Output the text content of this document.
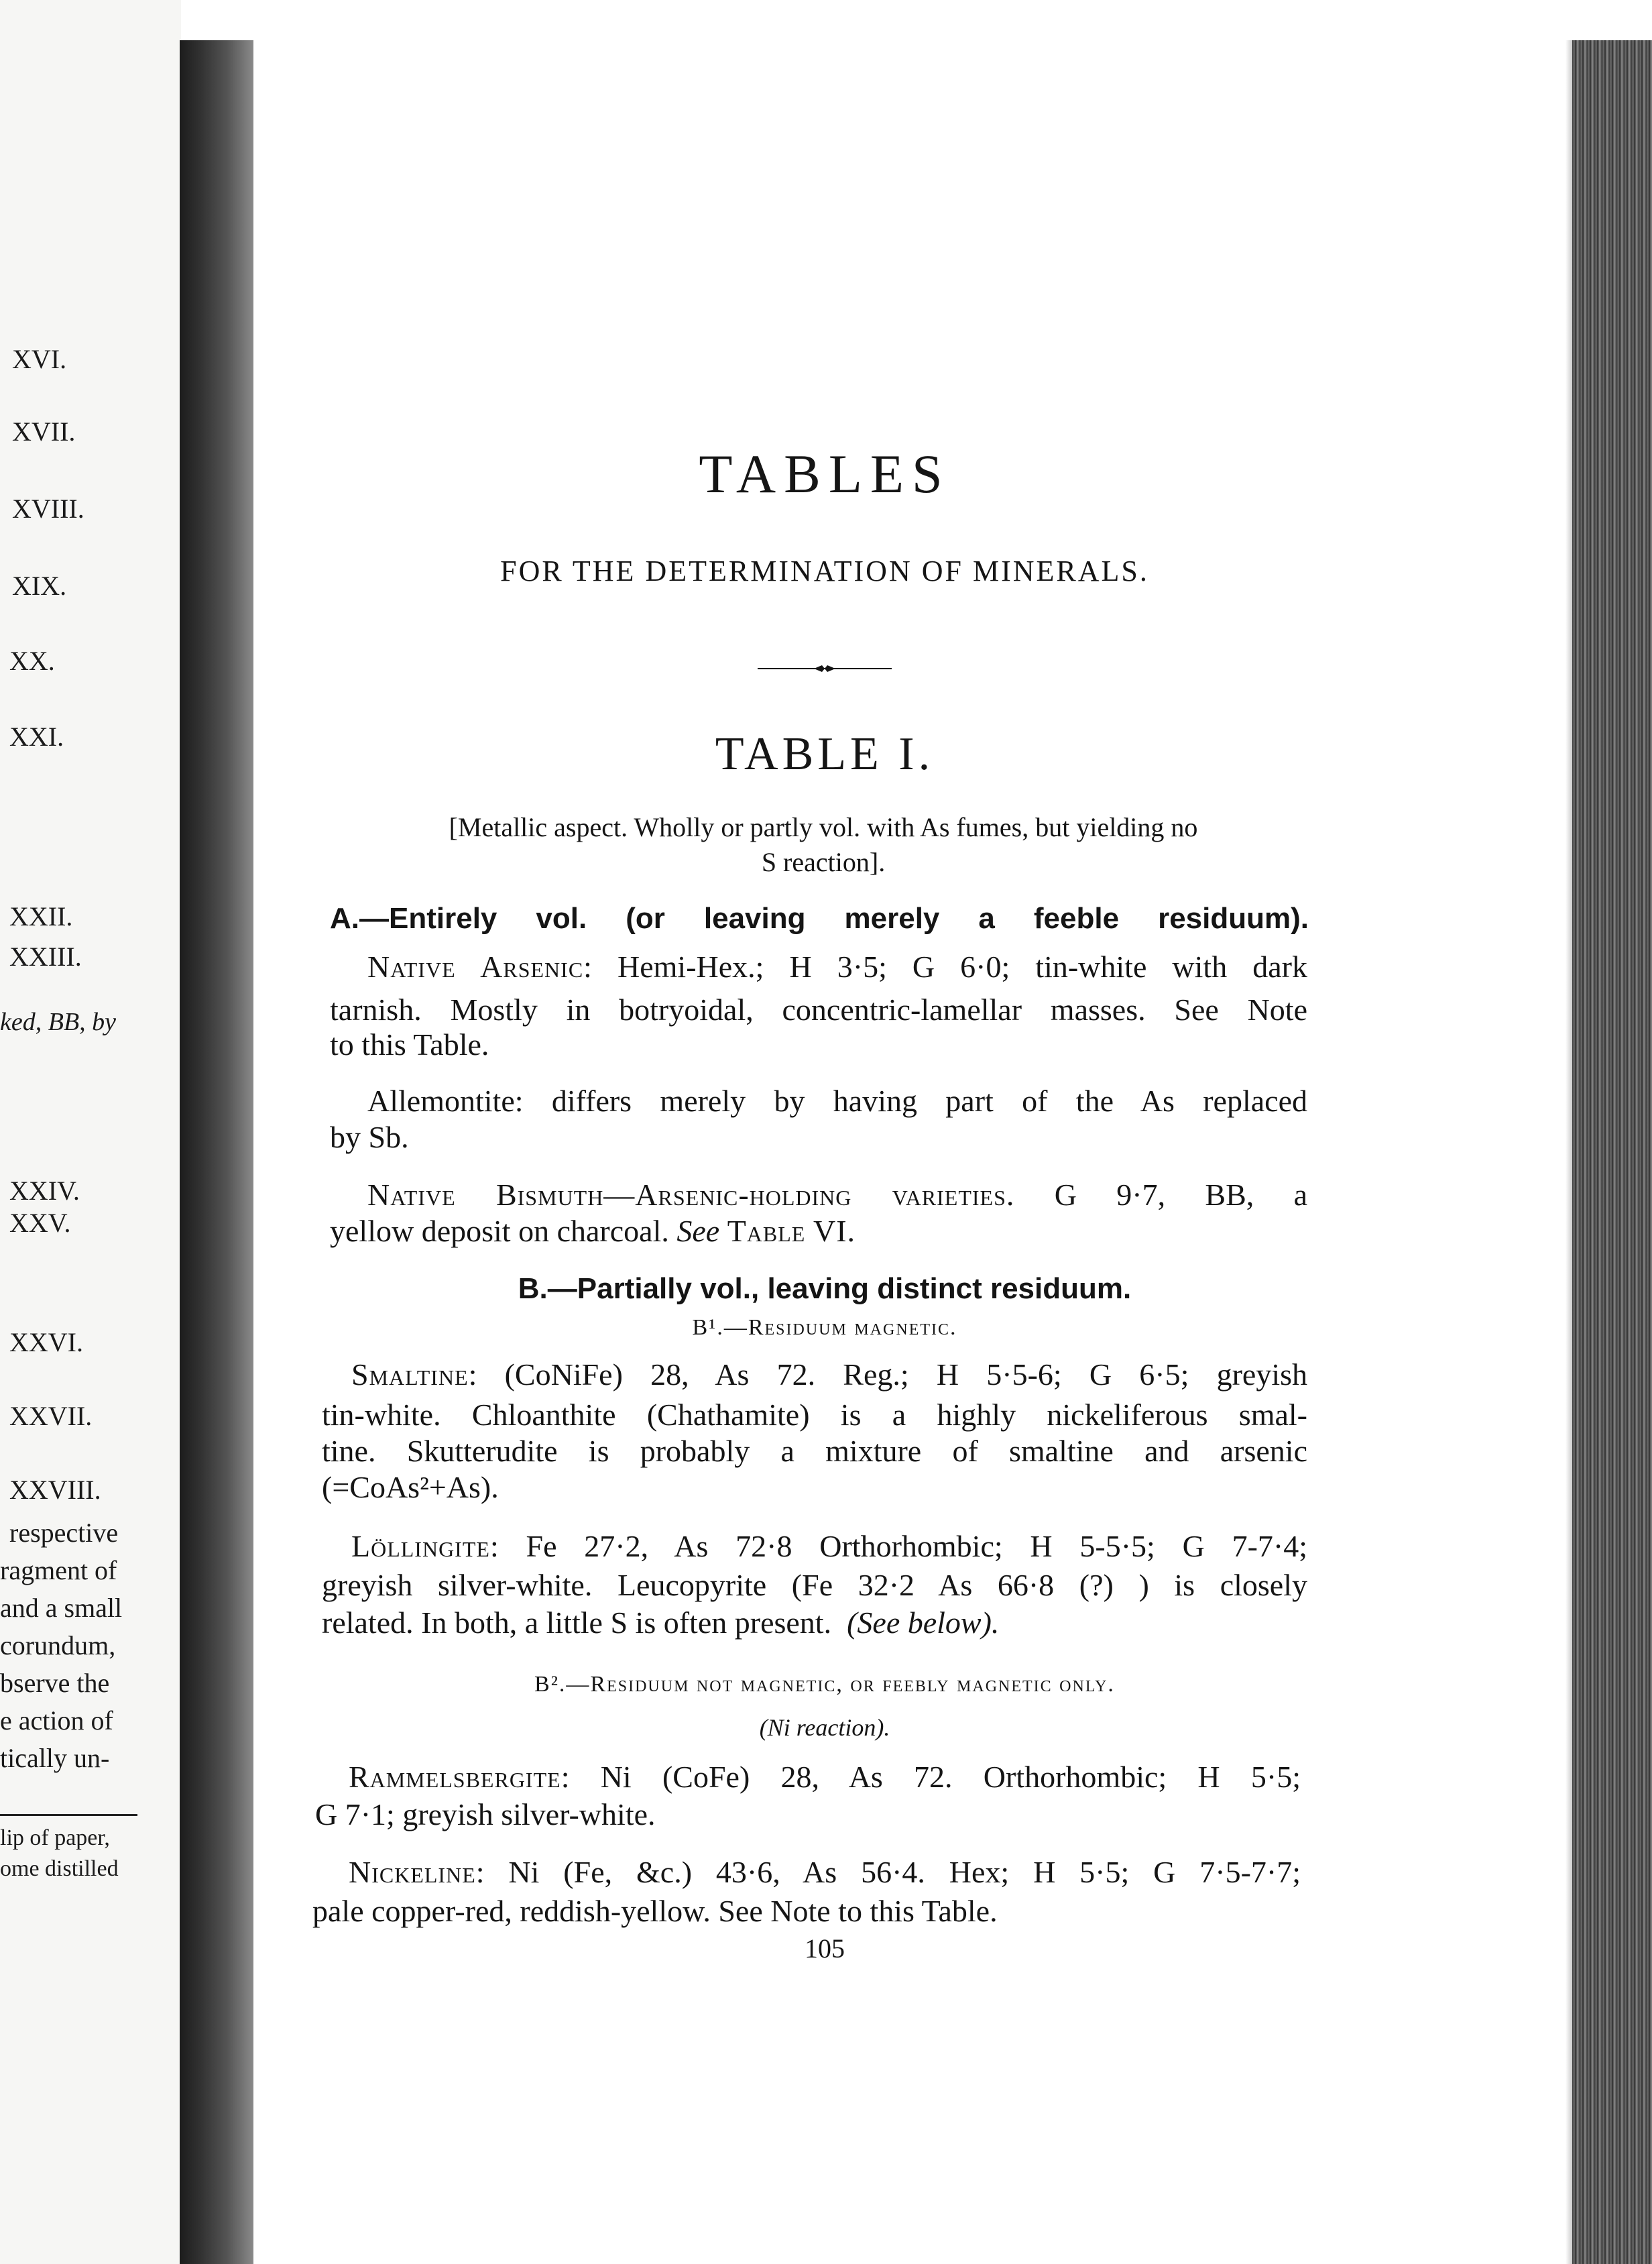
XVI.
XVII.
XVIII.
XIX.
XX.
XXI.
XXII.
XXIII.
ked, BB, by
XXIV.
XXV.
XXVI.
XXVII.
XXVIII.
respective
ragment of
and a small
corundum,
bserve the
e action of
tically un-
lip of paper,
ome distilled
TABLES
FOR THE DETERMINATION OF MINERALS.
TABLE I.
[Metallic aspect. Wholly or partly vol. with As fumes, but yielding no
S reaction].
A.—Entirely vol. (or leaving merely a feeble residuum).
Native Arsenic: Hemi-Hex.; H 3·5; G 6·0; tin-white with dark
tarnish. Mostly in botryoidal, concentric-lamellar masses. See Note
to this Table.
Allemontite: differs merely by having part of the As replaced
by Sb.
Native Bismuth—Arsenic-holding varieties. G 9·7, BB, a
yellow deposit on charcoal. See Table VI.
B.—Partially vol., leaving distinct residuum.
B¹.—Residuum magnetic.
Smaltine: (CoNiFe) 28, As 72. Reg.; H 5·5-6; G 6·5; greyish
tin-white. Chloanthite (Chathamite) is a highly nickeliferous smal-
tine. Skutterudite is probably a mixture of smaltine and arsenic
(=CoAs²+As).
Löllingite: Fe 27·2, As 72·8 Orthorhombic; H 5-5·5; G 7-7·4;
greyish silver-white. Leucopyrite (Fe 32·2 As 66·8 (?) ) is closely
related. In both, a little S is often present. (See below).
B².—Residuum not magnetic, or feebly magnetic only.
(Ni reaction).
Rammelsbergite: Ni (CoFe) 28, As 72. Orthorhombic; H 5·5;
G 7·1; greyish silver-white.
Nickeline: Ni (Fe, &c.) 43·6, As 56·4. Hex; H 5·5; G 7·5-7·7;
pale copper-red, reddish-yellow. See Note to this Table.
105
